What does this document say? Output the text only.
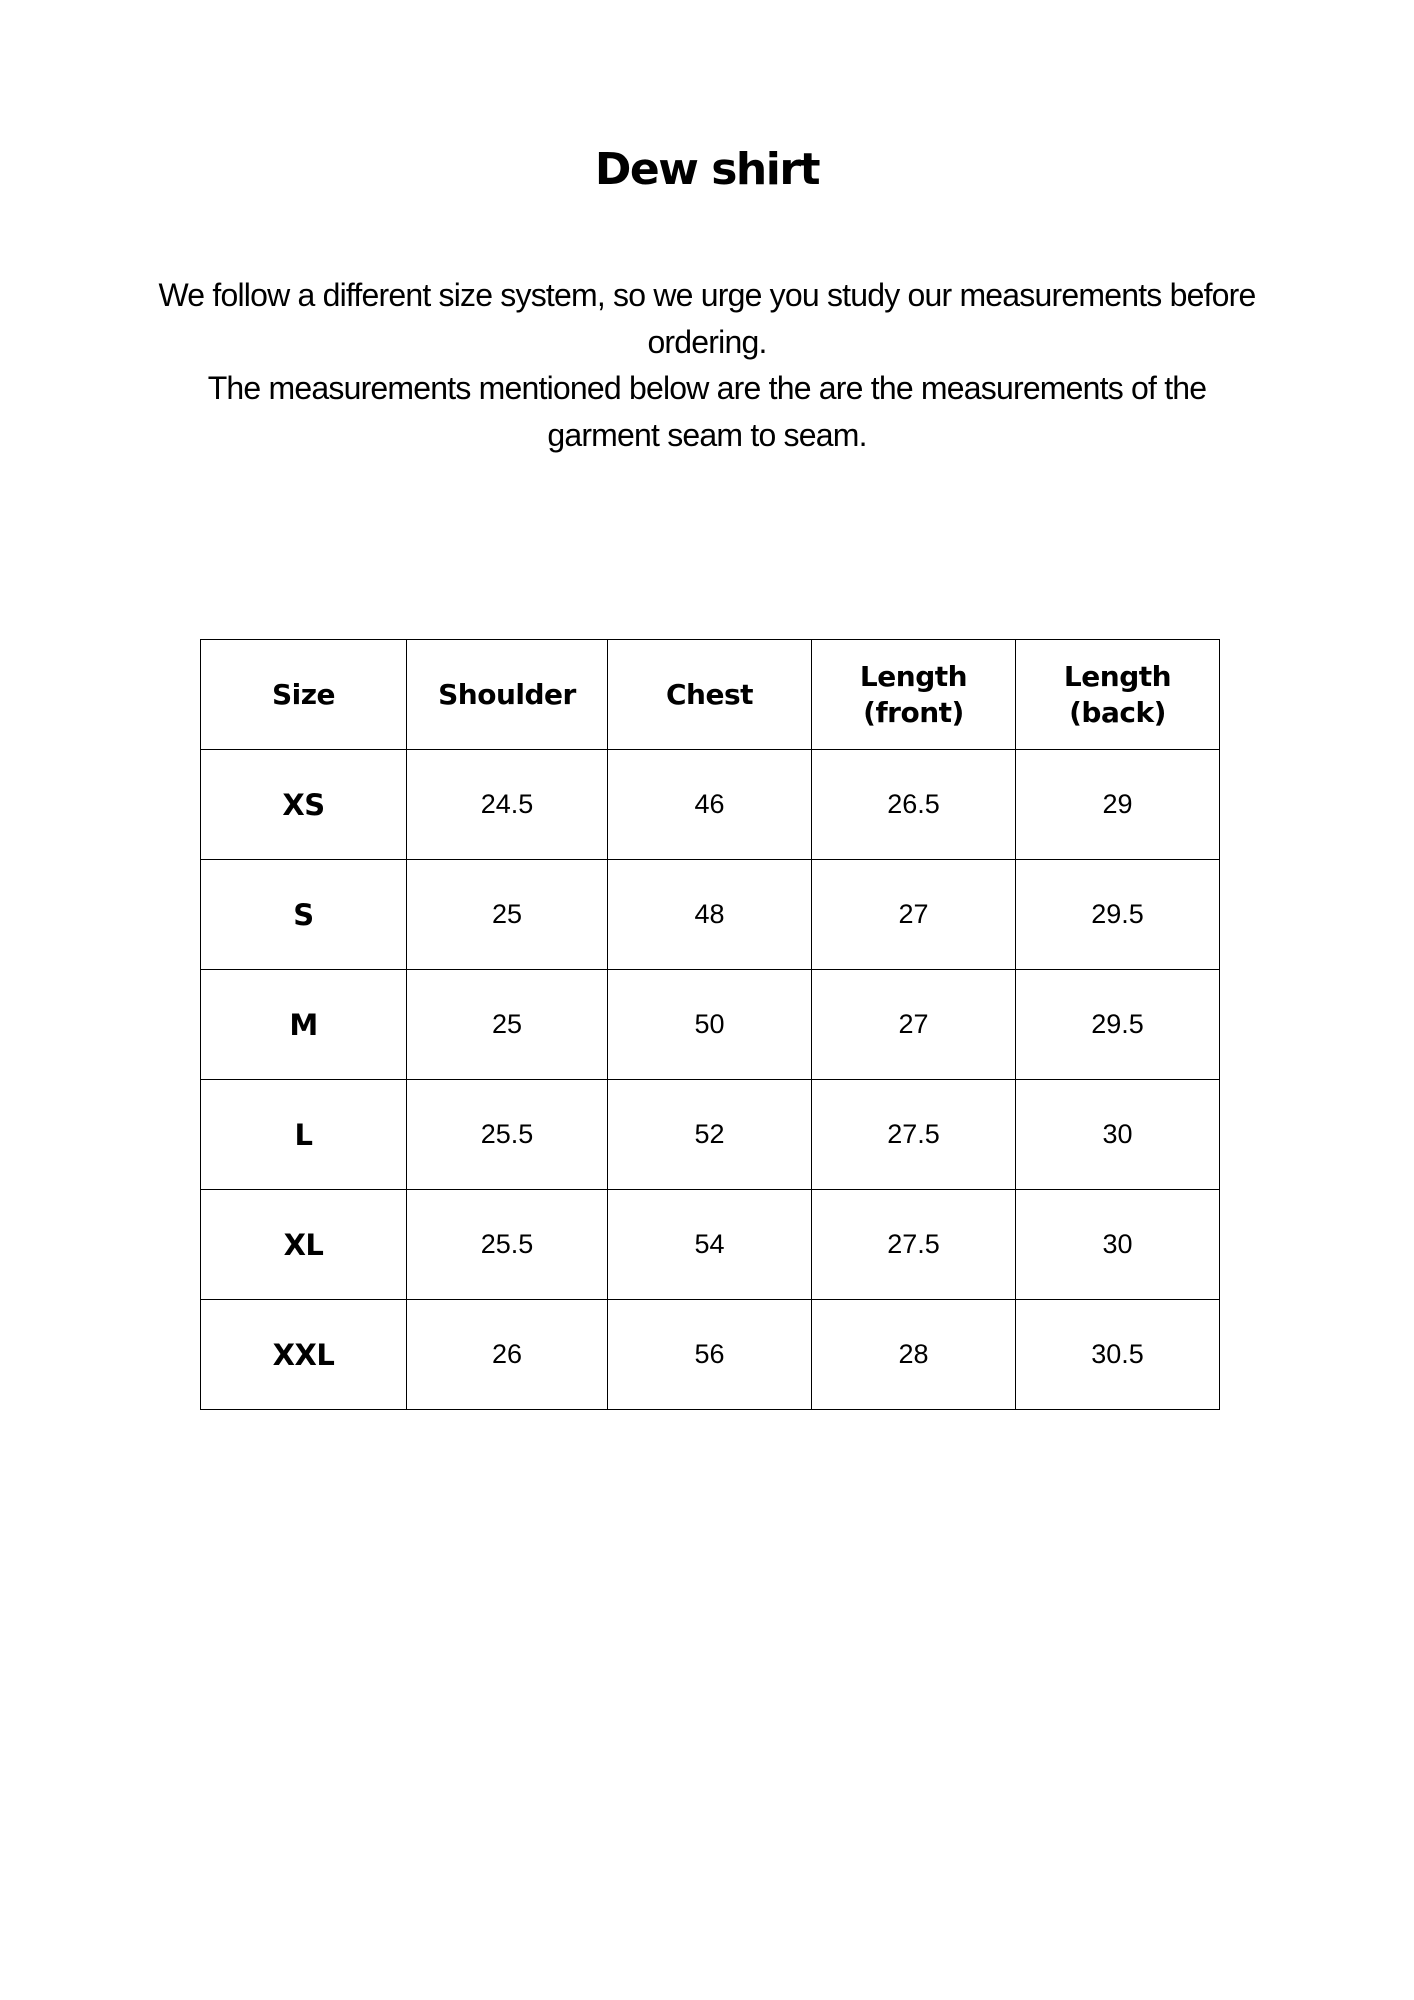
Dew shirt

We follow a different size system, so we urge you study our measurements before ordering.

The measurements mentioned below are the are the measurements of the garment seam to seam.

Size	Shoulder	Chest	Length (front)	Length (back)
XS	24.5	46	26.5	29
S	25	48	27	29.5
M	25	50	27	29.5
L	25.5	52	27.5	30
XL	25.5	54	27.5	30
XXL	26	56	28	30.5
